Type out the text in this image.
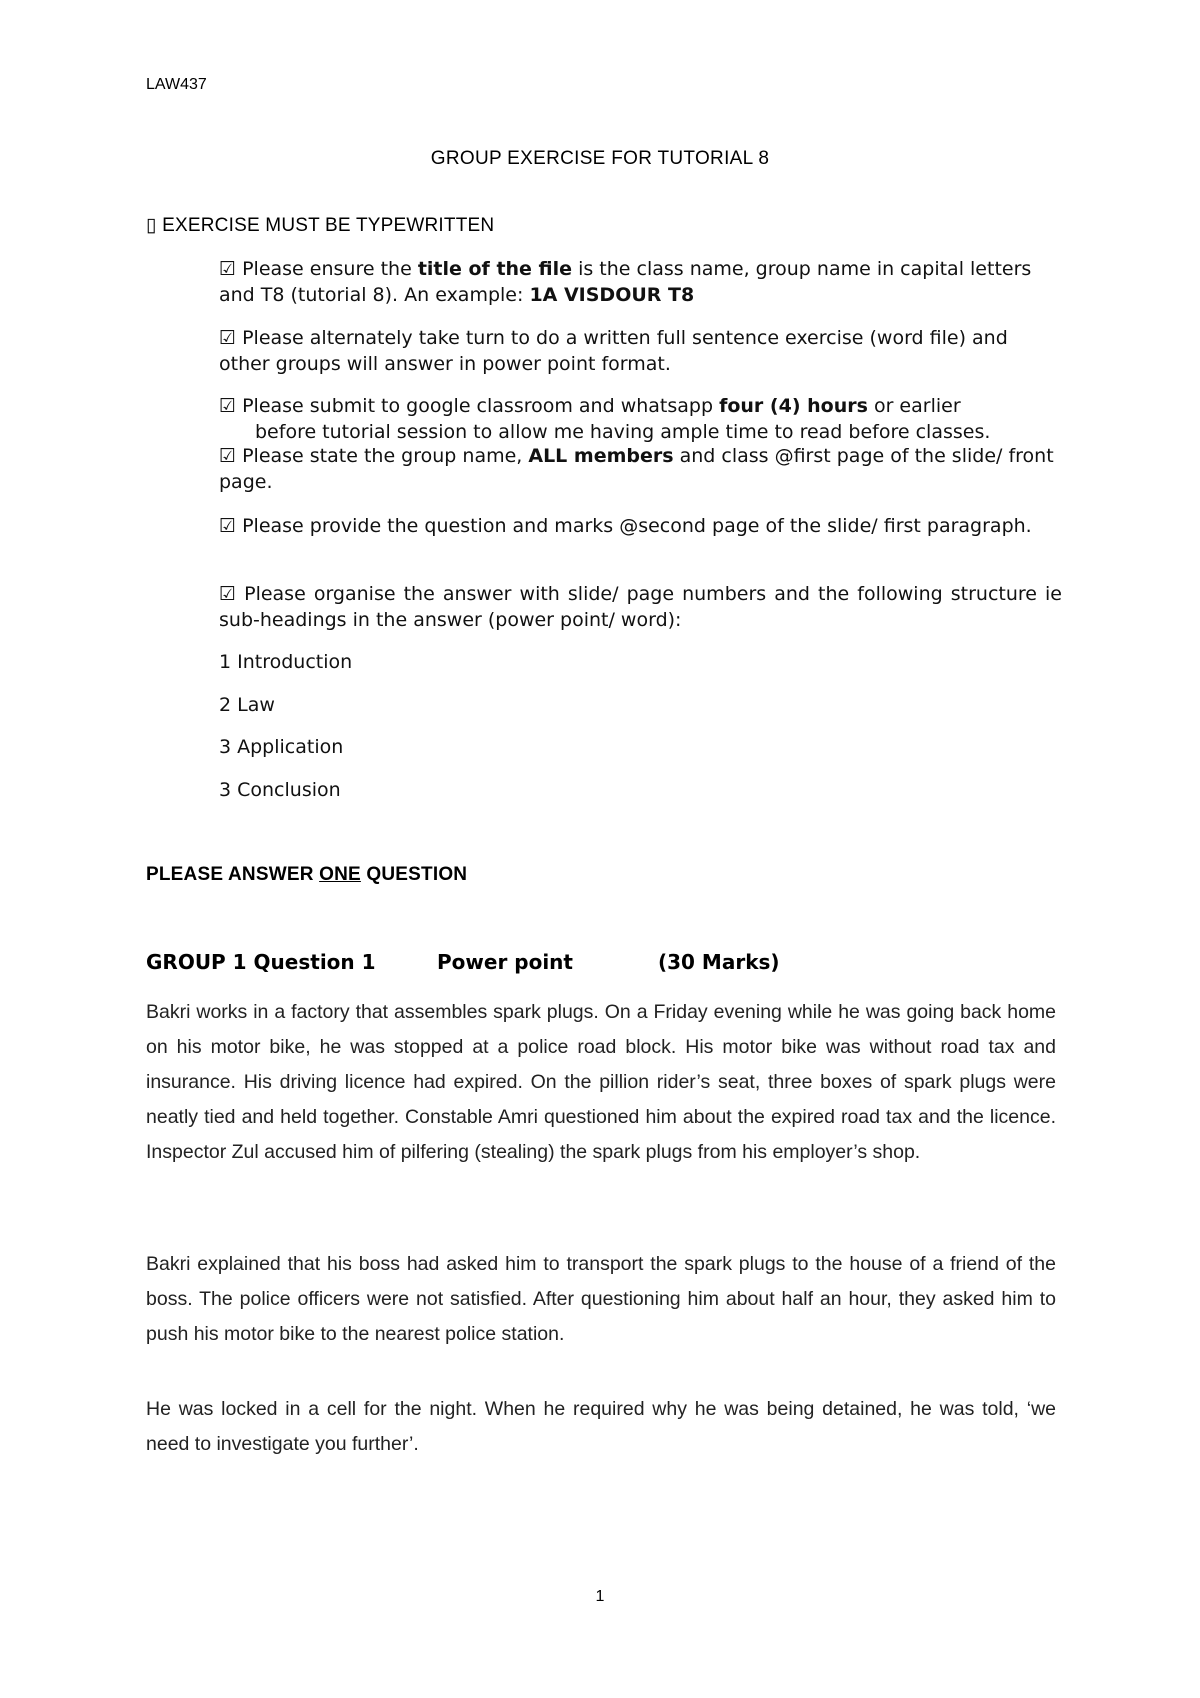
LAW437
GROUP EXERCISE FOR TUTORIAL 8
▯ EXERCISE MUST BE TYPEWRITTEN
☑ Please ensure the title of the file is the class name, group name in capital letters and T8 (tutorial 8). An example: 1A VISDOUR T8
☑ Please alternately take turn to do a written full sentence exercise (word file) and other groups will answer in power point format.
☑ Please submit to google classroom and whatsapp four (4) hours or earlier
before tutorial session to allow me having ample time to read before classes.
☑ Please state the group name, ALL members and class @first page of the slide/ front page.
☑ Please provide the question and marks @second page of the slide/ first paragraph.
☑ Please organise the answer with slide/ page numbers and the following structure ie sub-headings in the answer (power point/ word):
1 Introduction
2 Law
3 Application
3 Conclusion
PLEASE ANSWER ONE QUESTION
GROUP 1 Question 1	Power point	(30 Marks)
Bakri works in a factory that assembles spark plugs. On a Friday evening while he was going back home on his motor bike, he was stopped at a police road block. His motor bike was without road tax and insurance. His driving licence had expired. On the pillion rider’s seat, three boxes of spark plugs were neatly tied and held together. Constable Amri questioned him about the expired road tax and the licence. Inspector Zul accused him of pilfering (stealing) the spark plugs from his employer’s shop.
Bakri explained that his boss had asked him to transport the spark plugs to the house of a friend of the boss. The police officers were not satisfied. After questioning him about half an hour, they asked him to push his motor bike to the nearest police station.
He was locked in a cell for the night. When he required why he was being detained, he was told, ‘we need to investigate you further’.
1
